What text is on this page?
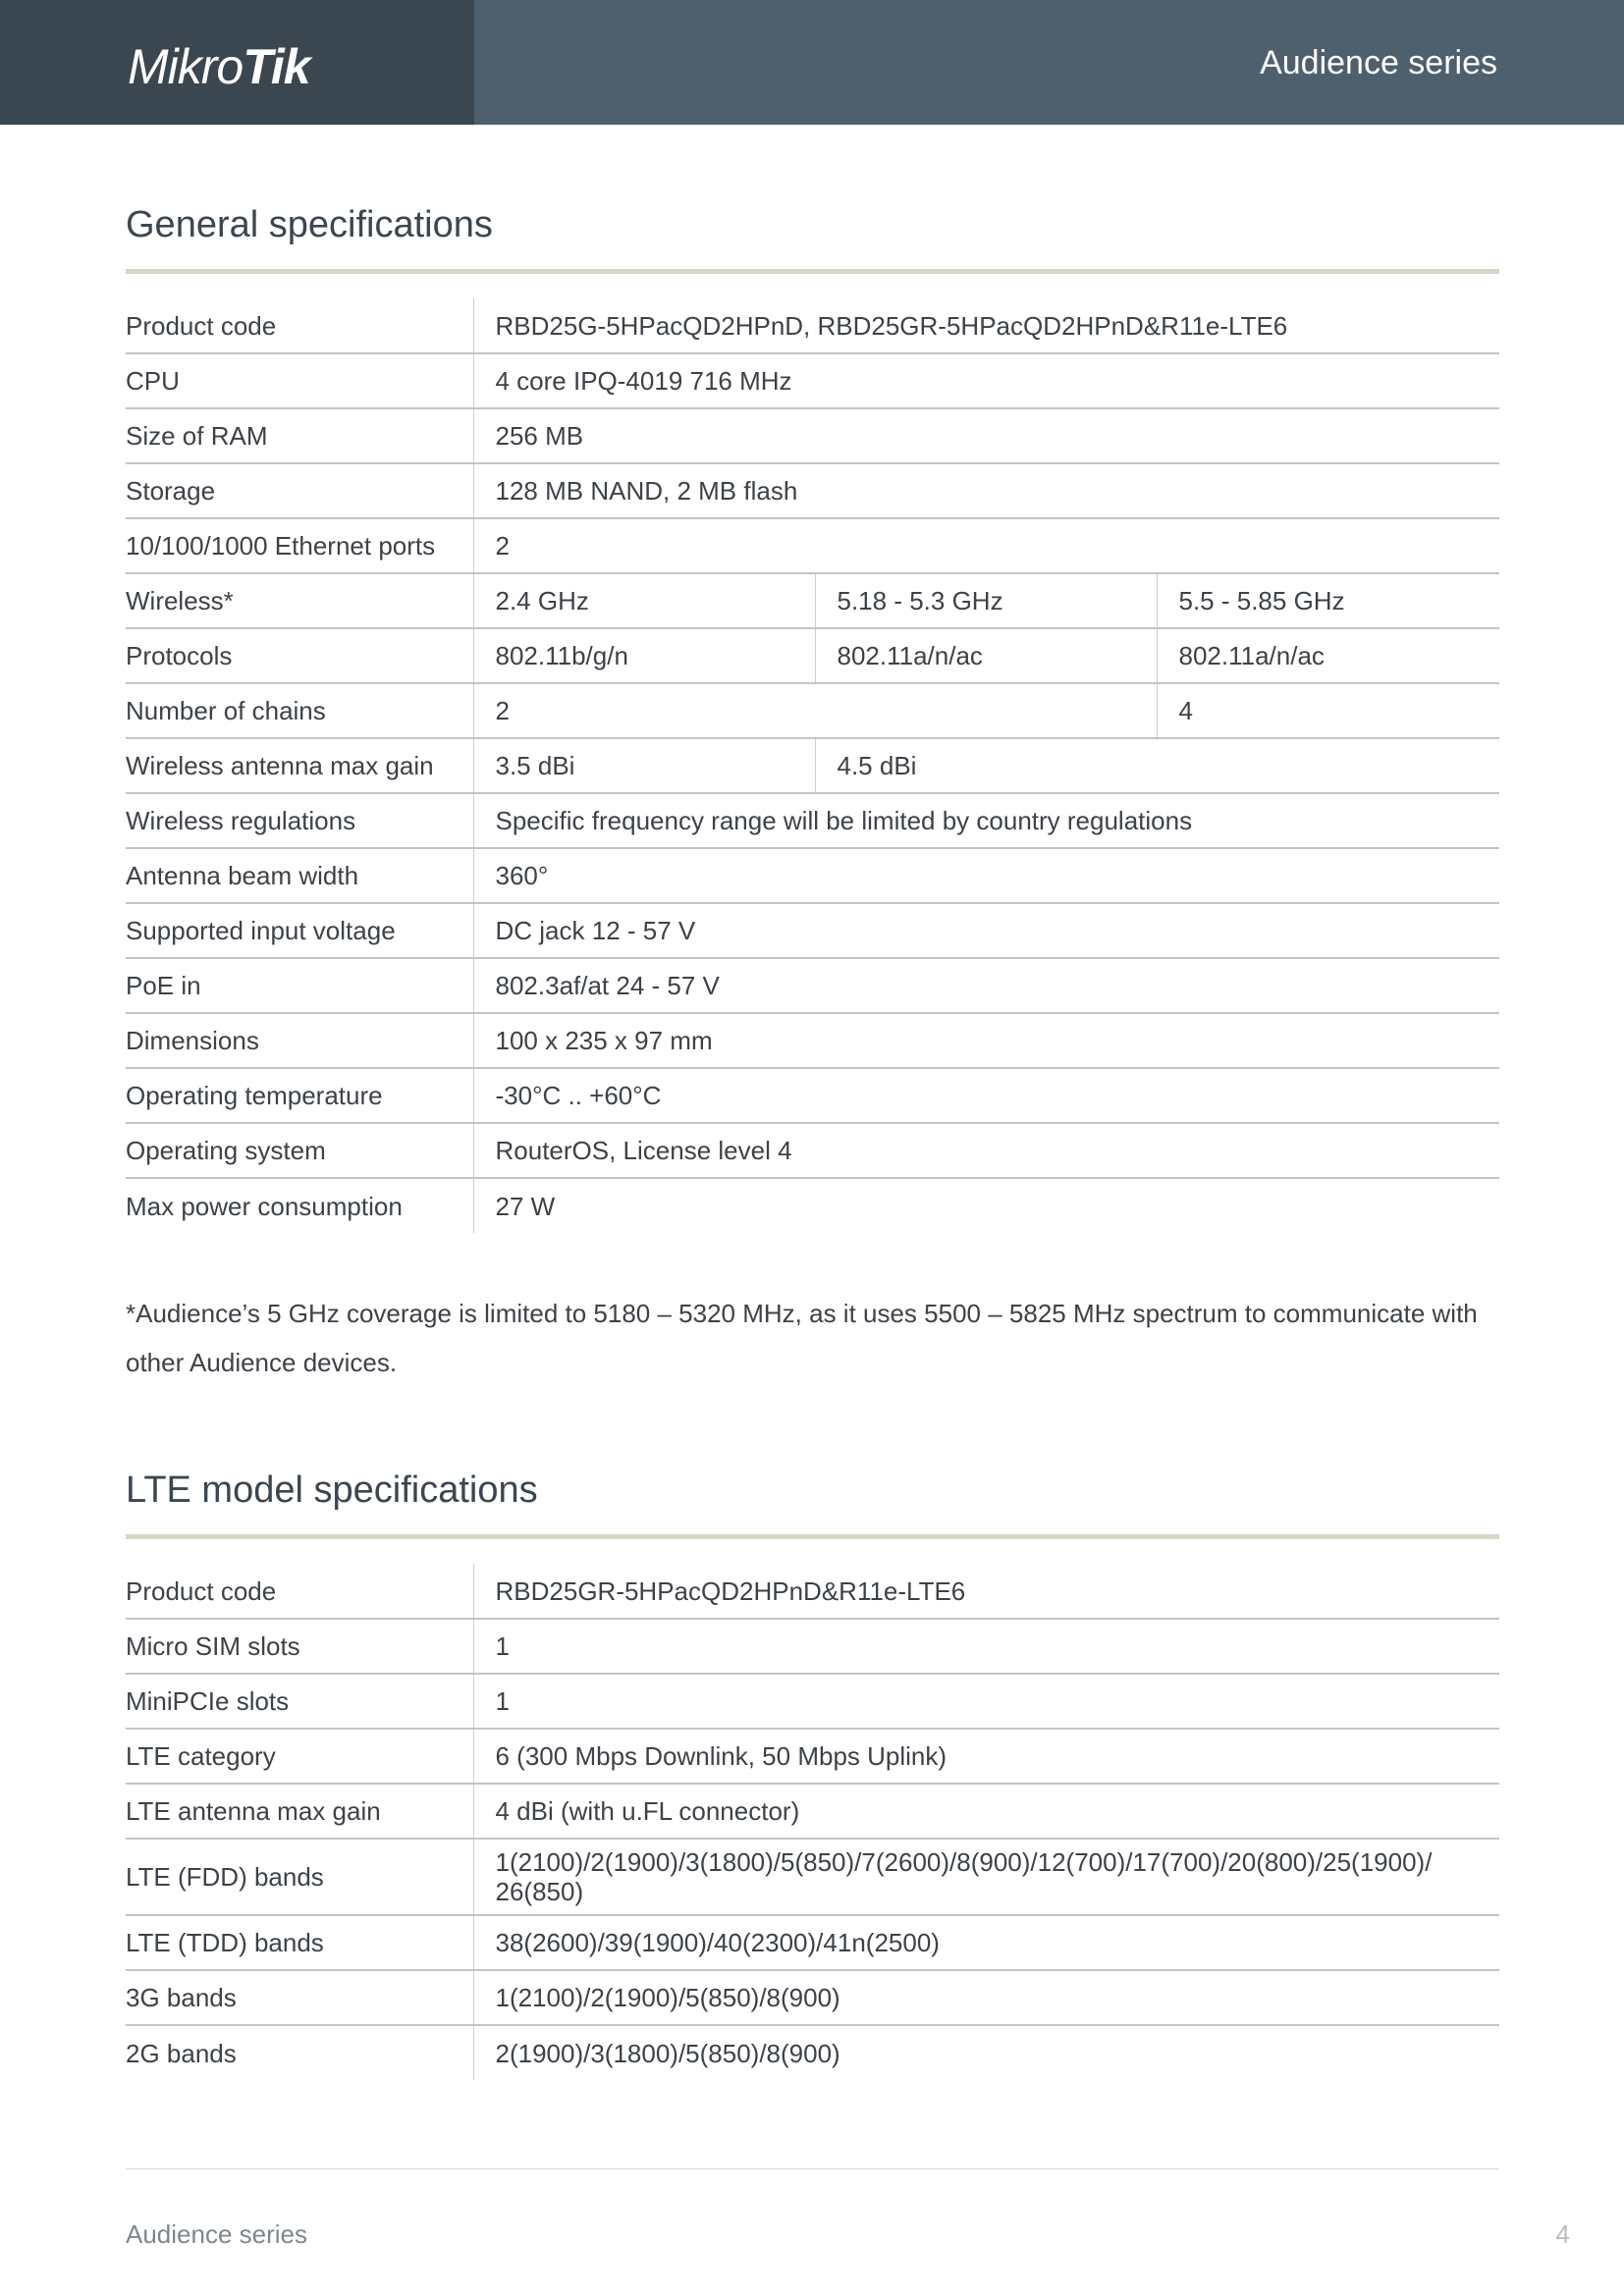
MikroTik	Audience series
General specifications
Product code	RBD25G-5HPacQD2HPnD, RBD25GR-5HPacQD2HPnD&R11e-LTE6		
CPU	4 core IPQ-4019 716 MHz		
Size of RAM	256 MB		
Storage	128 MB NAND, 2 MB flash		
10/100/1000 Ethernet ports	2		
Wireless*	2.4 GHz	5.18 - 5.3 GHz	5.5 - 5.85 GHz
Protocols	802.11b/g/n	802.11a/n/ac	802.11a/n/ac
Number of chains	2		4
Wireless antenna max gain	3.5 dBi	4.5 dBi	
Wireless regulations	Specific frequency range will be limited by country regulations		
Antenna beam width	360°		
Supported input voltage	DC jack 12 - 57 V		
PoE in	802.3af/at 24 - 57 V		
Dimensions	100 x 235 x 97 mm		
Operating temperature	-30°C .. +60°C		
Operating system	RouterOS, License level 4		
Max power consumption	27 W		

*Audience’s 5 GHz coverage is limited to 5180 – 5320 MHz, as it uses 5500 – 5825 MHz spectrum to communicate with other Audience devices.

LTE model specifications
Product code	RBD25GR-5HPacQD2HPnD&R11e-LTE6
Micro SIM slots	1
MiniPCIe slots	1
LTE category	6 (300 Mbps Downlink, 50 Mbps Uplink)
LTE antenna max gain	4 dBi (with u.FL connector)
LTE (FDD) bands	1(2100)/2(1900)/3(1800)/5(850)/7(2600)/8(900)/12(700)/17(700)/20(800)/25(1900)/ 26(850)
LTE (TDD) bands	38(2600)/39(1900)/40(2300)/41n(2500)
3G bands	1(2100)/2(1900)/5(850)/8(900)
2G bands	2(1900)/3(1800)/5(850)/8(900)
Audience series	4
